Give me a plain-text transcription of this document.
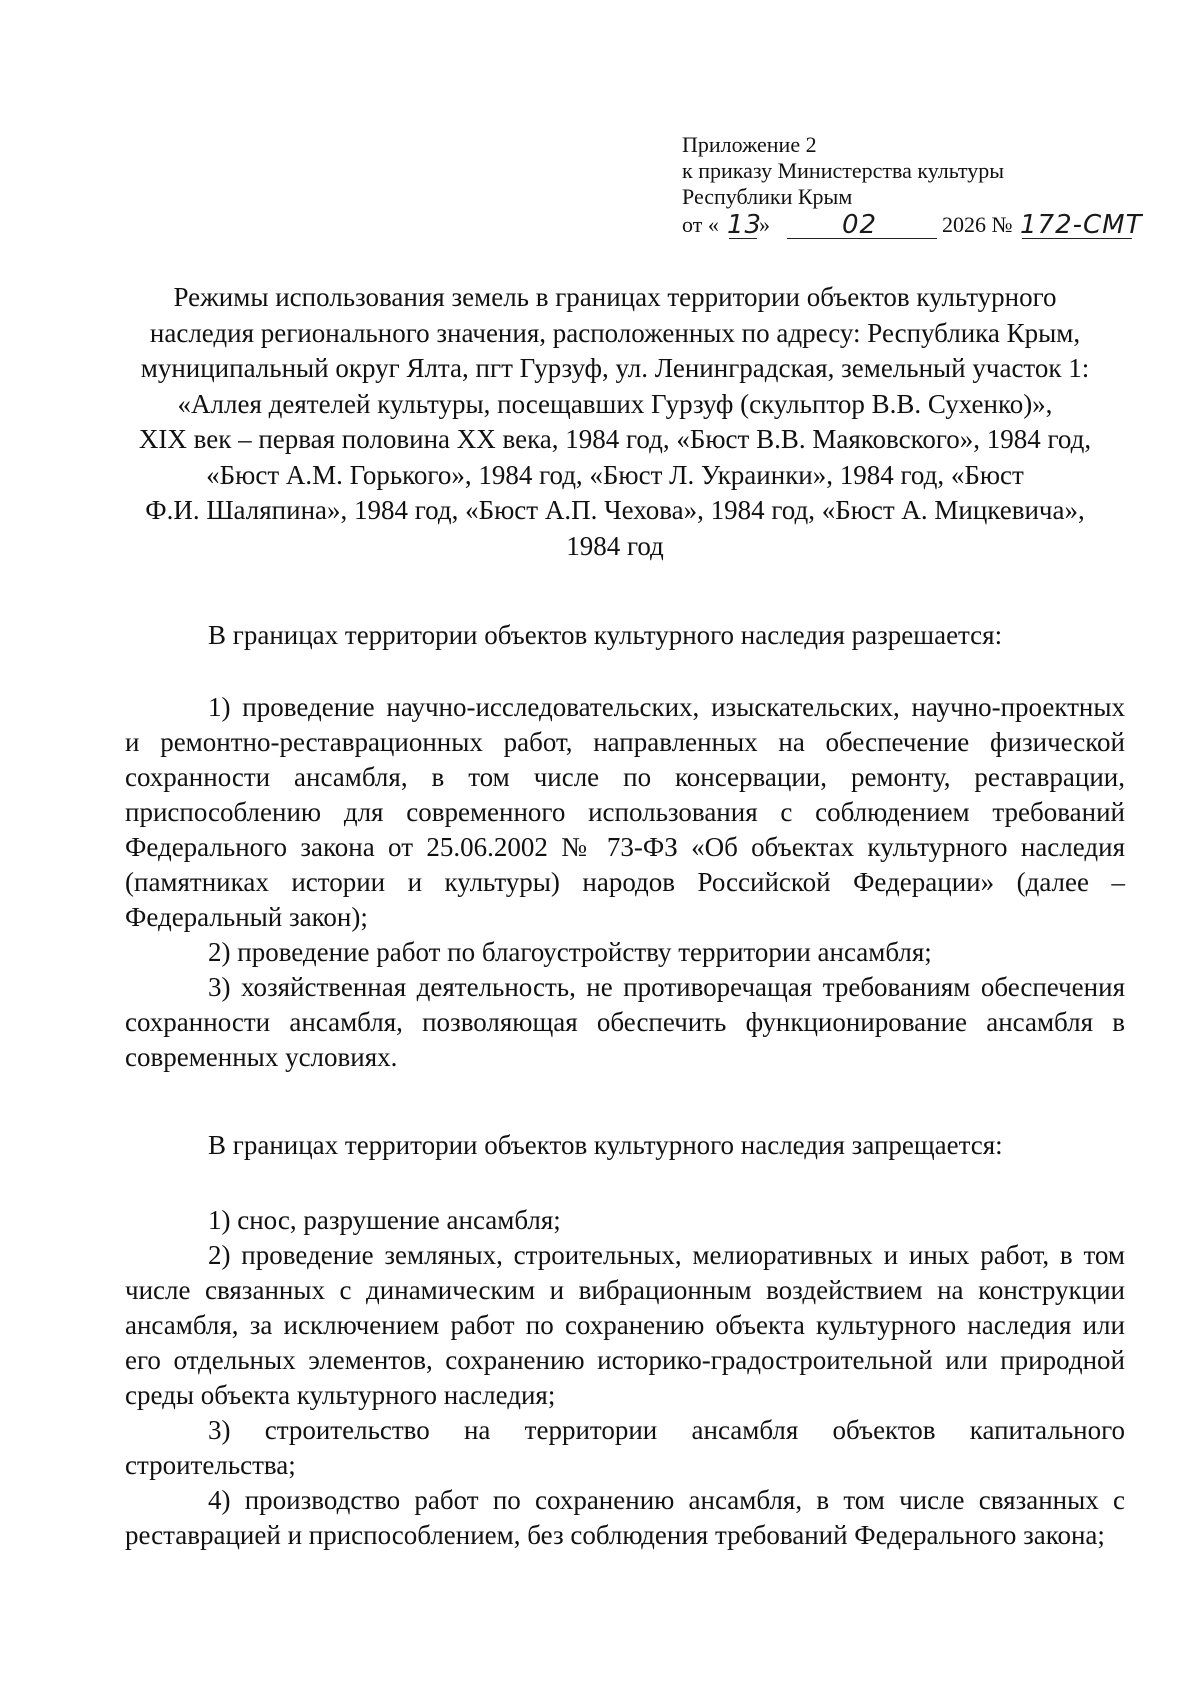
Приложение 2
к приказу Министерства культуры
Республики Крым
от « 13
»	02	2026 № 172-СМТ
Режимы использования земель в границах территории объектов культурного
наследия регионального значения, расположенных по адресу: Республика Крым,
муниципальный округ Ялта, пгт Гурзуф, ул. Ленинградская, земельный участок 1:
«Аллея деятелей культуры, посещавших Гурзуф (скульптор В.В. Сухенко)»,
XIX век – первая половина XX века, 1984 год, «Бюст В.В. Маяковского», 1984 год,
«Бюст А.М. Горького», 1984 год, «Бюст Л. Украинки», 1984 год, «Бюст
Ф.И. Шаляпина», 1984 год, «Бюст А.П. Чехова», 1984 год, «Бюст А. Мицкевича»,
1984 год
В границах территории объектов культурного наследия разрешается:

1) проведение научно-исследовательских, изыскательских, научно-проектных и ремонтно-реставрационных работ, направленных на обеспечение физической сохранности ансамбля, в том числе по консервации, ремонту, реставрации, приспособлению для современного использования с соблюдением требований Федерального закона от 25.06.2002 № 73-ФЗ «Об объектах культурного наследия (памятниках истории и культуры) народов Российской Федерации» (далее – Федеральный закон);

2) проведение работ по благоустройству территории ансамбля;

3) хозяйственная деятельность, не противоречащая требованиям обеспечения сохранности ансамбля, позволяющая обеспечить функционирование ансамбля в современных условиях.

В границах территории объектов культурного наследия запрещается:

1) снос, разрушение ансамбля;

2) проведение земляных, строительных, мелиоративных и иных работ, в том числе связанных с динамическим и вибрационным воздействием на конструкции ансамбля, за исключением работ по сохранению объекта культурного наследия или его отдельных элементов, сохранению историко-градостроительной или природной среды объекта культурного наследия;

3) строительство на территории ансамбля объектов капитального строительства;

4) производство работ по сохранению ансамбля, в том числе связанных с реставрацией и приспособлением, без соблюдения требований Федерального закона;
